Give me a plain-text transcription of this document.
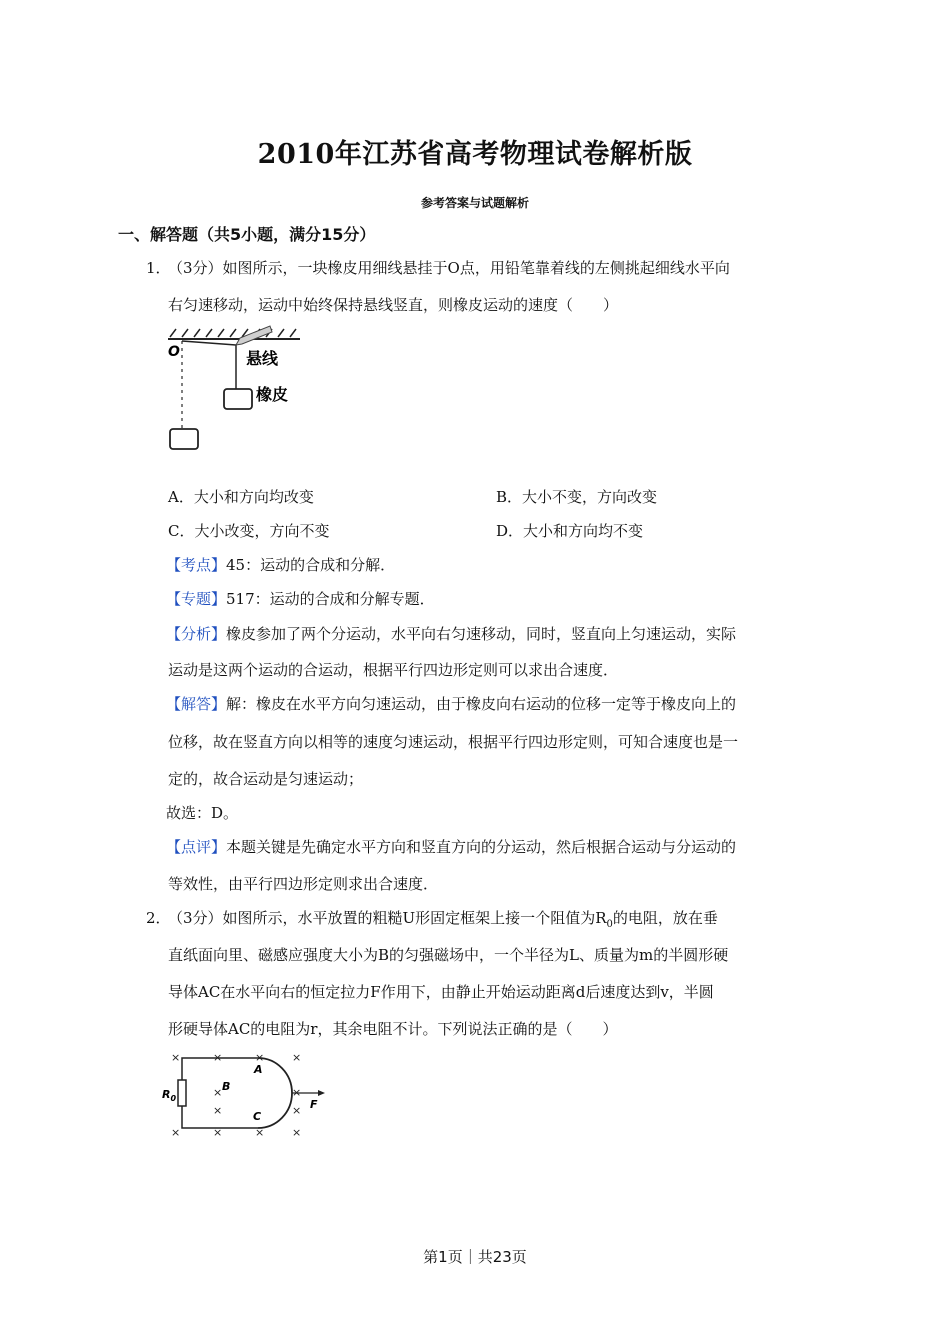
2010年江苏省高考物理试卷解析版
参考答案与试题解析
一、解答题（共5小题，满分15分）
1．
（3分）如图所示，一块橡皮用细线悬挂于O点，用铅笔靠着线的左侧挑起细线水平向
右匀速移动，运动中始终保持悬线竖直，则橡皮运动的速度（　　）
O	悬线
橡皮
A．大小和方向均改变	B．大小不变，方向改变
C．大小改变，方向不变	D．大小和方向均不变
【考点】45：运动的合成和分解．
【专题】517：运动的合成和分解专题．
【分析】橡皮参加了两个分运动，水平向右匀速移动，同时，竖直向上匀速运动，实际
运动是这两个运动的合运动，根据平行四边形定则可以求出合速度．
【解答】解：橡皮在水平方向匀速运动，由于橡皮向右运动的位移一定等于橡皮向上的
位移，故在竖直方向以相等的速度匀速运动，根据平行四边形定则，可知合速度也是一
定的，故合运动是匀速运动；
故选：D。
【点评】本题关键是先确定水平方向和竖直方向的分运动，然后根据合运动与分运动的
等效性，由平行四边形定则求出合速度．
2．
（3分）如图所示，水平放置的粗糙U形固定框架上接一个阻值为$R_0$的电阻，放在垂
直纸面向里、磁感应强度大小为B的匀强磁场中，一个半径为L、质量为m的半圆形硬
导体AC在水平向右的恒定拉力F作用下，由静止开始运动距离d后速度达到v，半圆
形硬导体AC的电阻为r，其余电阻不计。下列说法正确的是（　　）
×	×	×	×
×	×
×	×	×	×
×	×
$R_0$
B
A
C
F
第1页｜共23页
